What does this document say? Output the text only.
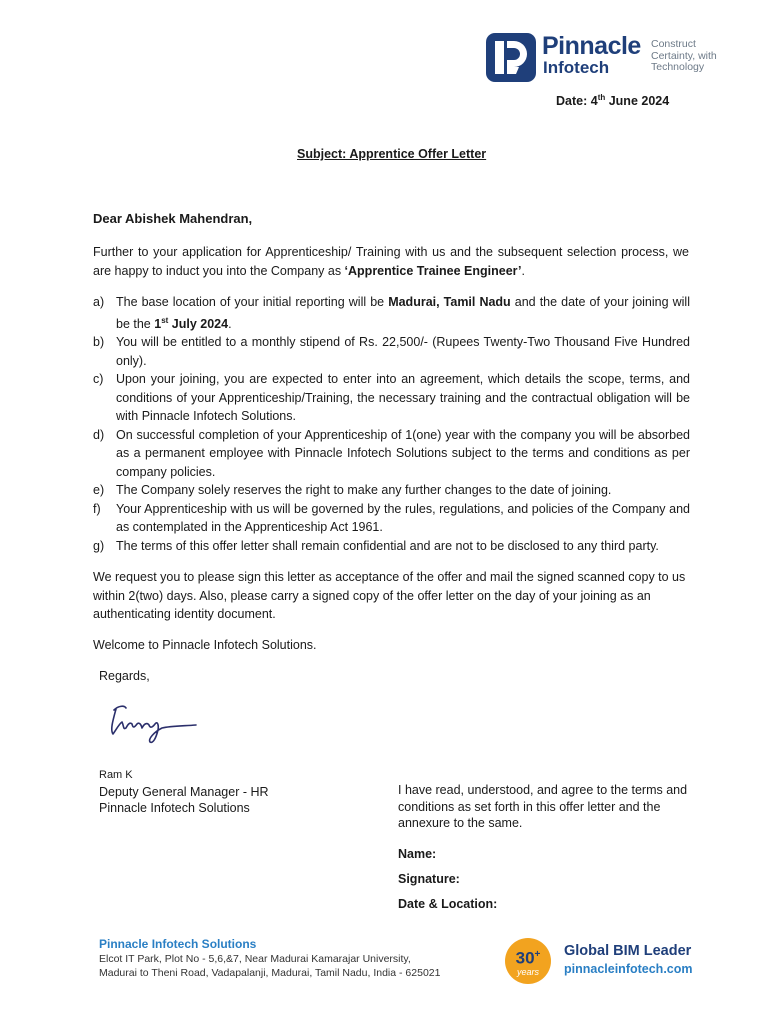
Pinnacle
Infotech
Construct
Certainty, with
Technology
Date: 4th June 2024
Subject: Apprentice Offer Letter
Dear Abishek Mahendran,
Further to your application for Apprenticeship/ Training with us and the subsequent selection process, we are happy to induct you into the Company as ‘Apprentice Trainee Engineer’.
a) The base location of your initial reporting will be Madurai, Tamil Nadu and the date of your joining will be the 1st July 2024.
b) You will be entitled to a monthly stipend of Rs. 22,500/- (Rupees Twenty-Two Thousand Five Hundred only).
c)	Upon your joining, you are expected to enter into an agreement, which details the scope, terms, and conditions of your Apprenticeship/Training, the necessary training and the contractual obligation will be with Pinnacle Infotech Solutions.
d) On successful completion of your Apprenticeship of 1(one) year with the company you will be absorbed as a permanent employee with Pinnacle Infotech Solutions subject to the terms and conditions as per company policies.
e) The Company solely reserves the right to make any further changes to the date of joining.
f)	Your Apprenticeship with us will be governed by the rules, regulations, and policies of the Company and as contemplated in the Apprenticeship Act 1961.
g) The terms of this offer letter shall remain confidential and are not to be disclosed to any third party.
We request you to please sign this letter as acceptance of the offer and mail the signed scanned copy to us within 2(two) days. Also, please carry a signed copy of the offer letter on the day of your joining as an authenticating identity document.
Welcome to Pinnacle Infotech Solutions.
Regards,
Ram K
Deputy General Manager - HR
Pinnacle Infotech Solutions
I have read, understood, and agree to the terms and conditions as set forth in this offer letter and the annexure to the same.
Name:
Signature:
Date & Location:
Pinnacle Infotech Solutions
Elcot IT Park, Plot No - 5,6,&7, Near Madurai Kamarajar University,
Madurai to Theni Road, Vadapalanji, Madurai, Tamil Nadu, India - 625021
30+
years
Global BIM Leader
pinnacleinfotech.com
